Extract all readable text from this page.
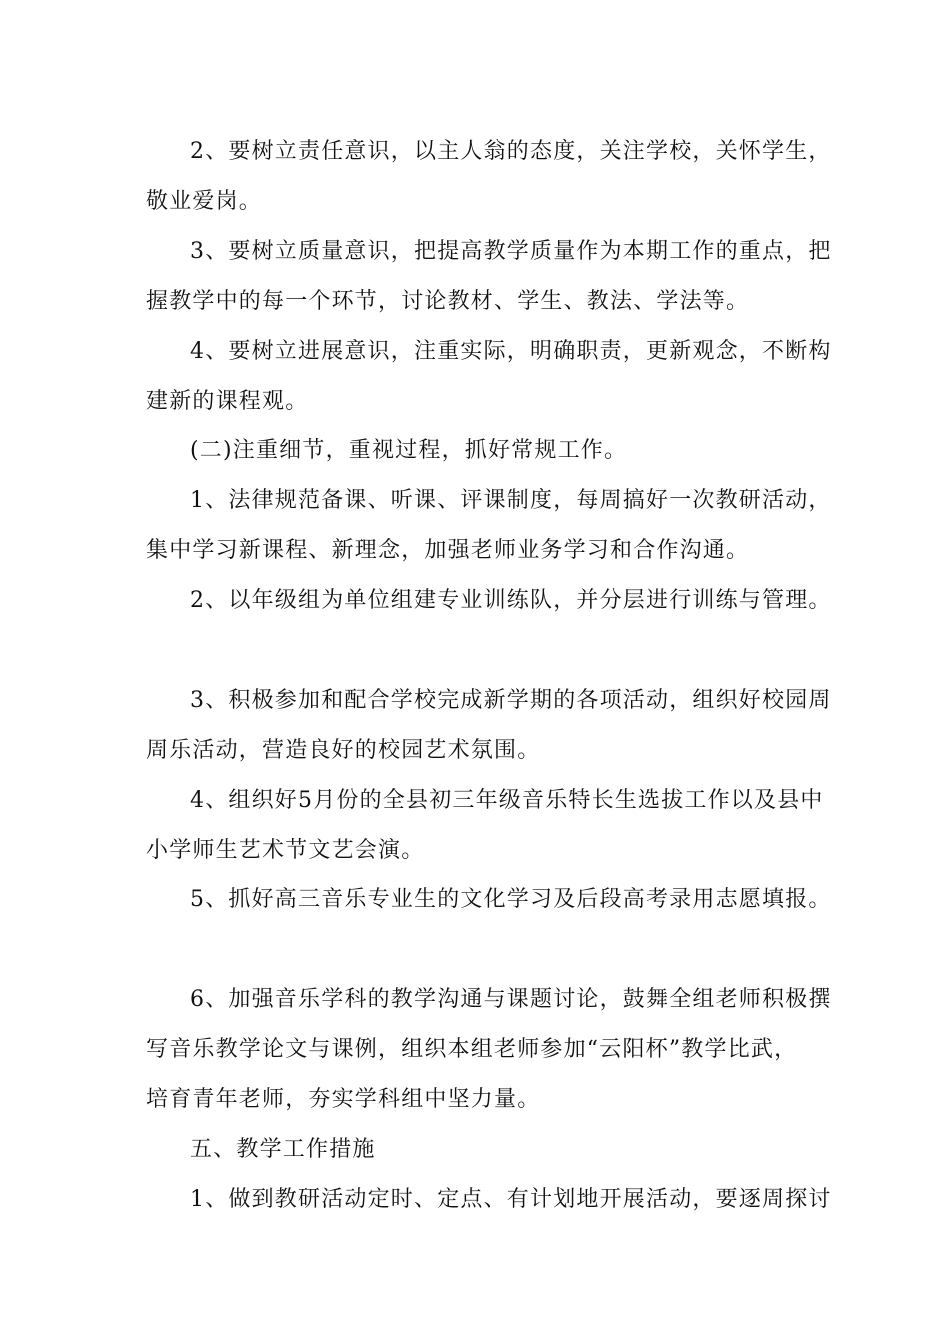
2、要树立责任意识，以主人翁的态度，关注学校，关怀学生，
敬业爱岗。
3、要树立质量意识，把提高教学质量作为本期工作的重点，把
握教学中的每一个环节，讨论教材、学生、教法、学法等。
4、要树立进展意识，注重实际，明确职责，更新观念，不断构
建新的课程观。
(二)注重细节，重视过程，抓好常规工作。
1、法律规范备课、听课、评课制度，每周搞好一次教研活动，
集中学习新课程、新理念，加强老师业务学习和合作沟通。
2、以年级组为单位组建专业训练队，并分层进行训练与管理。
3、积极参加和配合学校完成新学期的各项活动，组织好校园周
周乐活动，营造良好的校园艺术氛围。
4、组织好5月份的全县初三年级音乐特长生选拔工作以及县中
小学师生艺术节文艺会演。
5、抓好高三音乐专业生的文化学习及后段高考录用志愿填报。
6、加强音乐学科的教学沟通与课题讨论，鼓舞全组老师积极撰
写音乐教学论文与课例，组织本组老师参加“云阳杯”教学比武，
培育青年老师，夯实学科组中坚力量。
五、教学工作措施
1、做到教研活动定时、定点、有计划地开展活动，要逐周探讨
